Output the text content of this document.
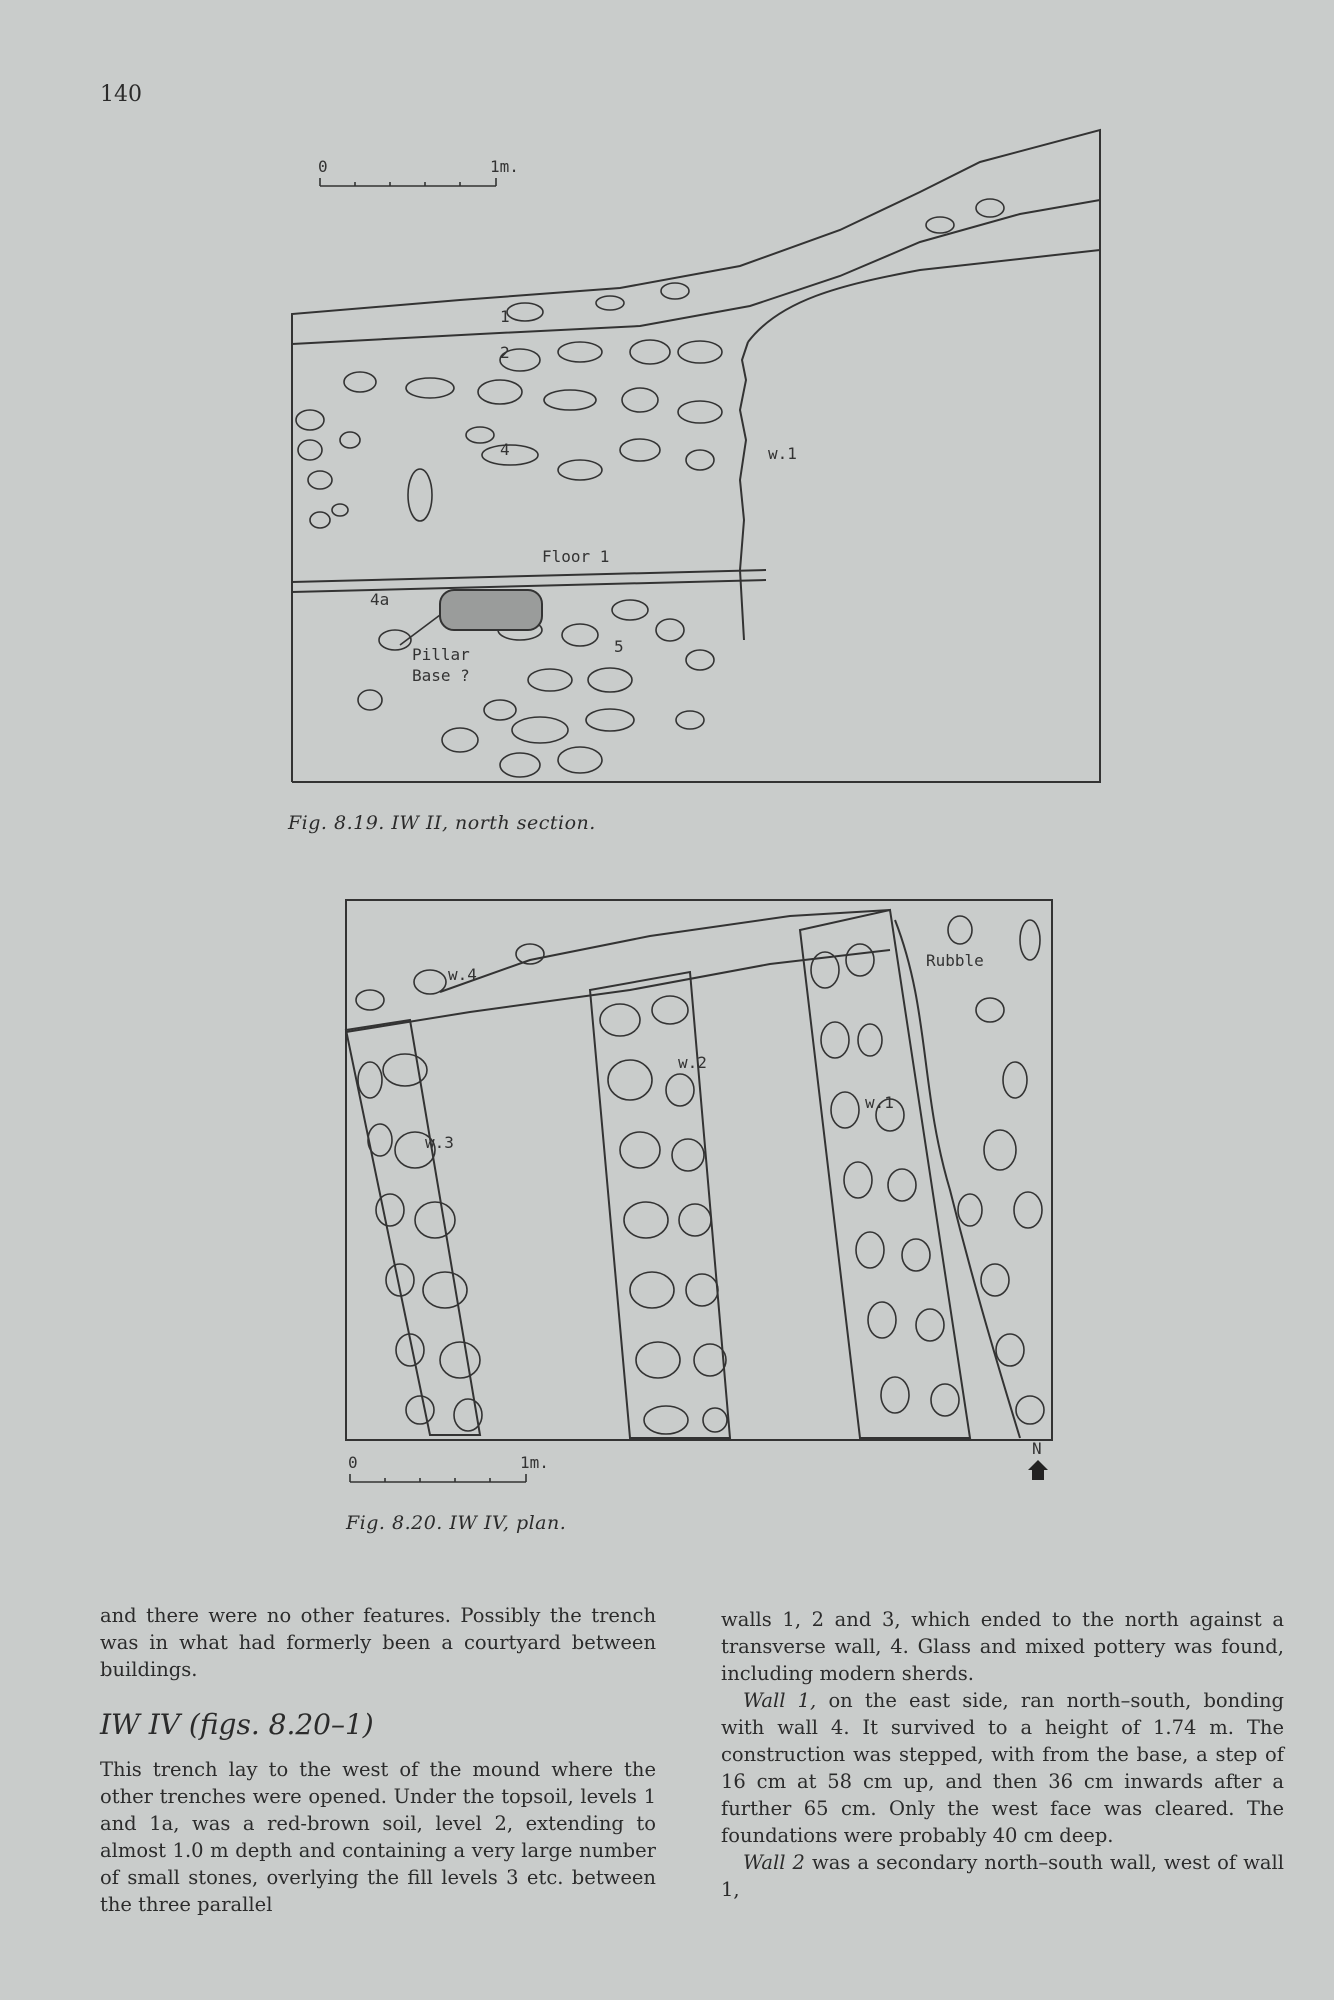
140
0	1m.
1
2
4
4a
5
w.1
Floor 1
Pillar
Base ?
Fig. 8.19. IW II, north section.
w.4
w.3
w.2
w.1
Rubble
0	1m.
N
Fig. 8.20. IW IV, plan.

and there were no other features. Possibly the trench was in what had formerly been a courtyard between buildings.

IW IV (figs. 8.20–1)

This trench lay to the west of the mound where the other trenches were opened. Under the topsoil, levels 1 and 1a, was a red-brown soil, level 2, extending to almost 1.0 m depth and containing a very large number of small stones, overlying the fill levels 3 etc. between the three parallel

walls 1, 2 and 3, which ended to the north against a transverse wall, 4. Glass and mixed pottery was found, including modern sherds.

Wall 1, on the east side, ran north–south, bonding with wall 4. It survived to a height of 1.74 m. The construction was stepped, with from the base, a step of 16 cm at 58 cm up, and then 36 cm inwards after a further 65 cm. Only the west face was cleared. The foundations were probably 40 cm deep.

Wall 2 was a secondary north–south wall, west of wall 1,
